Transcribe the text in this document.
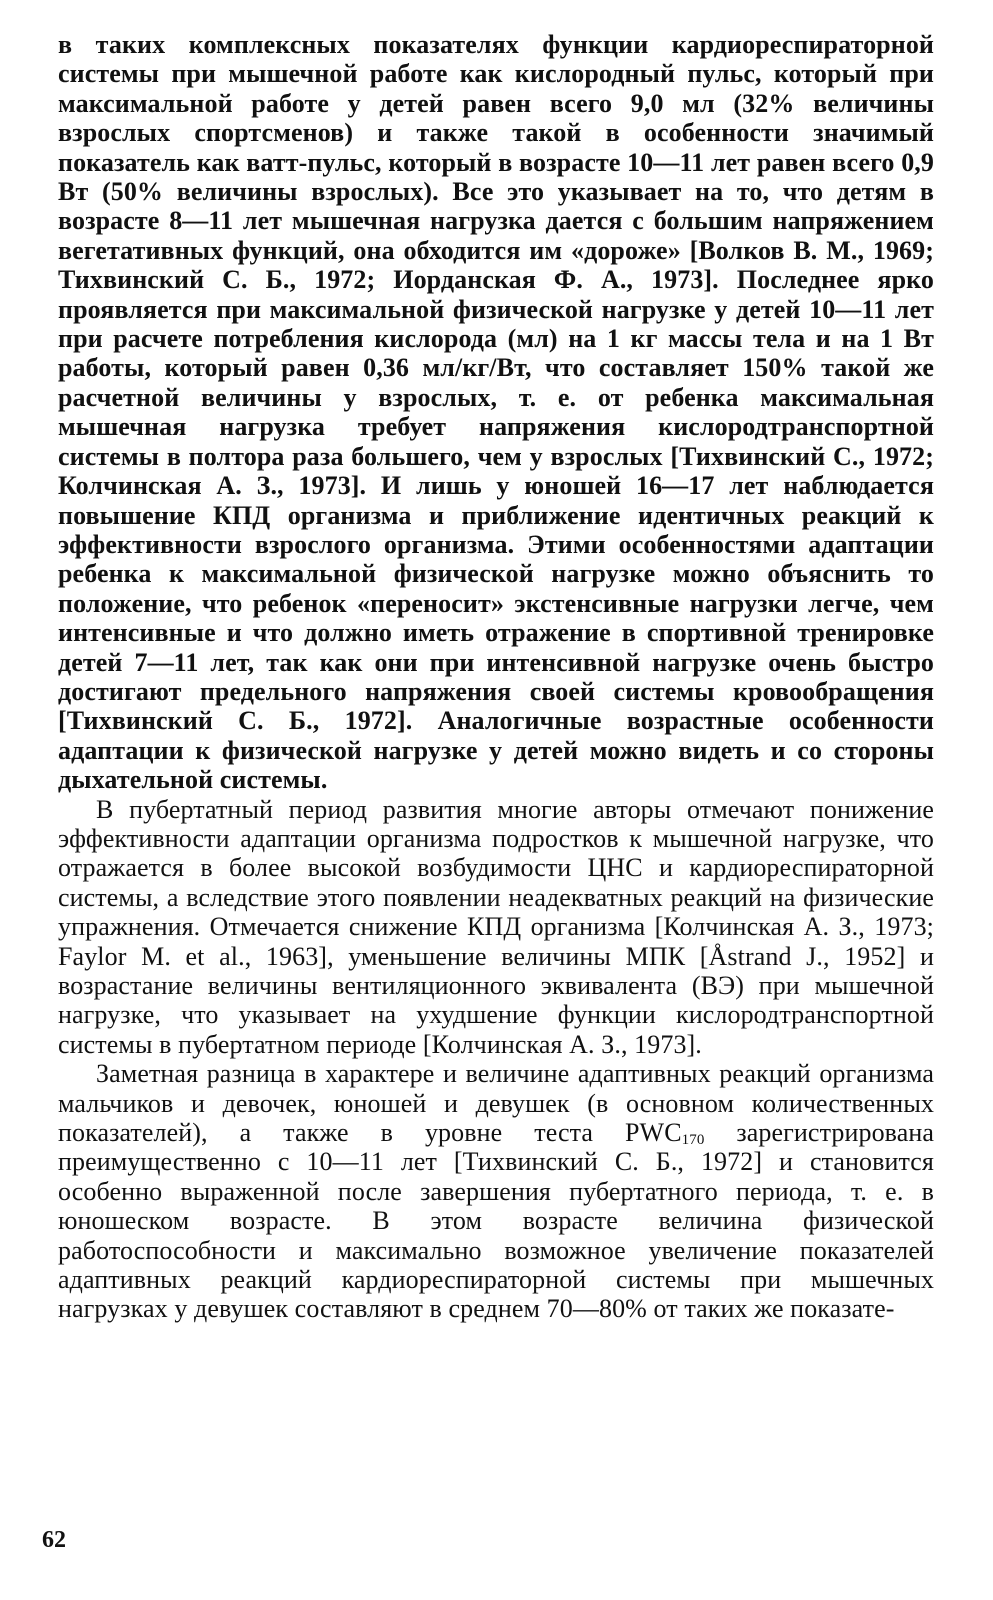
в таких комплексных показателях функции кардиореспираторной системы при мышечной работе как кислородный пульс, который при максимальной работе у детей равен всего 9,0 мл (32% величины взрослых спортсменов) и также такой в особенности значимый показатель как ватт-пульс, который в возрасте 10—11 лет равен всего 0,9 Вт (50% величины взрослых). Все это указывает на то, что детям в возрасте 8—11 лет мышечная нагрузка дается с большим напряжением вегетативных функций, она обходится им «дороже» [Волков В. М., 1969; Тихвинский С. Б., 1972; Иорданская Ф. А., 1973]. Последнее ярко проявляется при максимальной физической нагрузке у детей 10—11 лет при расчете потребления кислорода (мл) на 1 кг массы тела и на 1 Вт работы, который равен 0,36 мл/кг/Вт, что составляет 150% такой же расчетной величины у взрослых, т. е. от ребенка максимальная мышечная нагрузка требует напряжения кислородтранспортной системы в полтора раза большего, чем у взрослых [Тихвинский С., 1972; Колчинская А. З., 1973]. И лишь у юношей 16—17 лет наблюдается повышение КПД организма и приближение идентичных реакций к эффективности взрослого организма. Этими особенностями адаптации ребенка к максимальной физической нагрузке можно объяснить то положение, что ребенок «переносит» экстенсивные нагрузки легче, чем интенсивные и что должно иметь отражение в спортивной тренировке детей 7—11 лет, так как они при интенсивной нагрузке очень быстро достигают предельного напряжения своей системы кровообращения [Тихвинский С. Б., 1972]. Аналогичные возрастные особенности адаптации к физической нагрузке у детей можно видеть и со стороны дыхательной системы.

В пубертатный период развития многие авторы отмечают понижение эффективности адаптации организма подростков к мышечной нагрузке, что отражается в более высокой возбудимости ЦНС и кардиореспираторной системы, а вследствие этого появлении неадекватных реакций на физические упражнения. Отмечается снижение КПД организма [Колчинская А. З., 1973; Faylor M. et al., 1963], уменьшение величины МПК [Åstrand J., 1952] и возрастание величины вентиляционного эквивалента (ВЭ) при мышечной нагрузке, что указывает на ухудшение функции кислородтранспортной системы в пубертатном периоде [Колчинская А. З., 1973].

Заметная разница в характере и величине адаптивных реакций организма мальчиков и девочек, юношей и девушек (в основном количественных показателей), а также в уровне теста $PWC_{170}$ зарегистрирована преимущественно с 10—11 лет [Тихвинский С. Б., 1972] и становится особенно выраженной после завершения пубертатного периода, т. е. в юношеском возрасте. В этом возрасте величина физической работоспособности и максимально возможное увеличение показателей адаптивных реакций кардиореспираторной системы при мышечных нагрузках у девушек составляют в среднем 70—80% от таких же показате-

62
